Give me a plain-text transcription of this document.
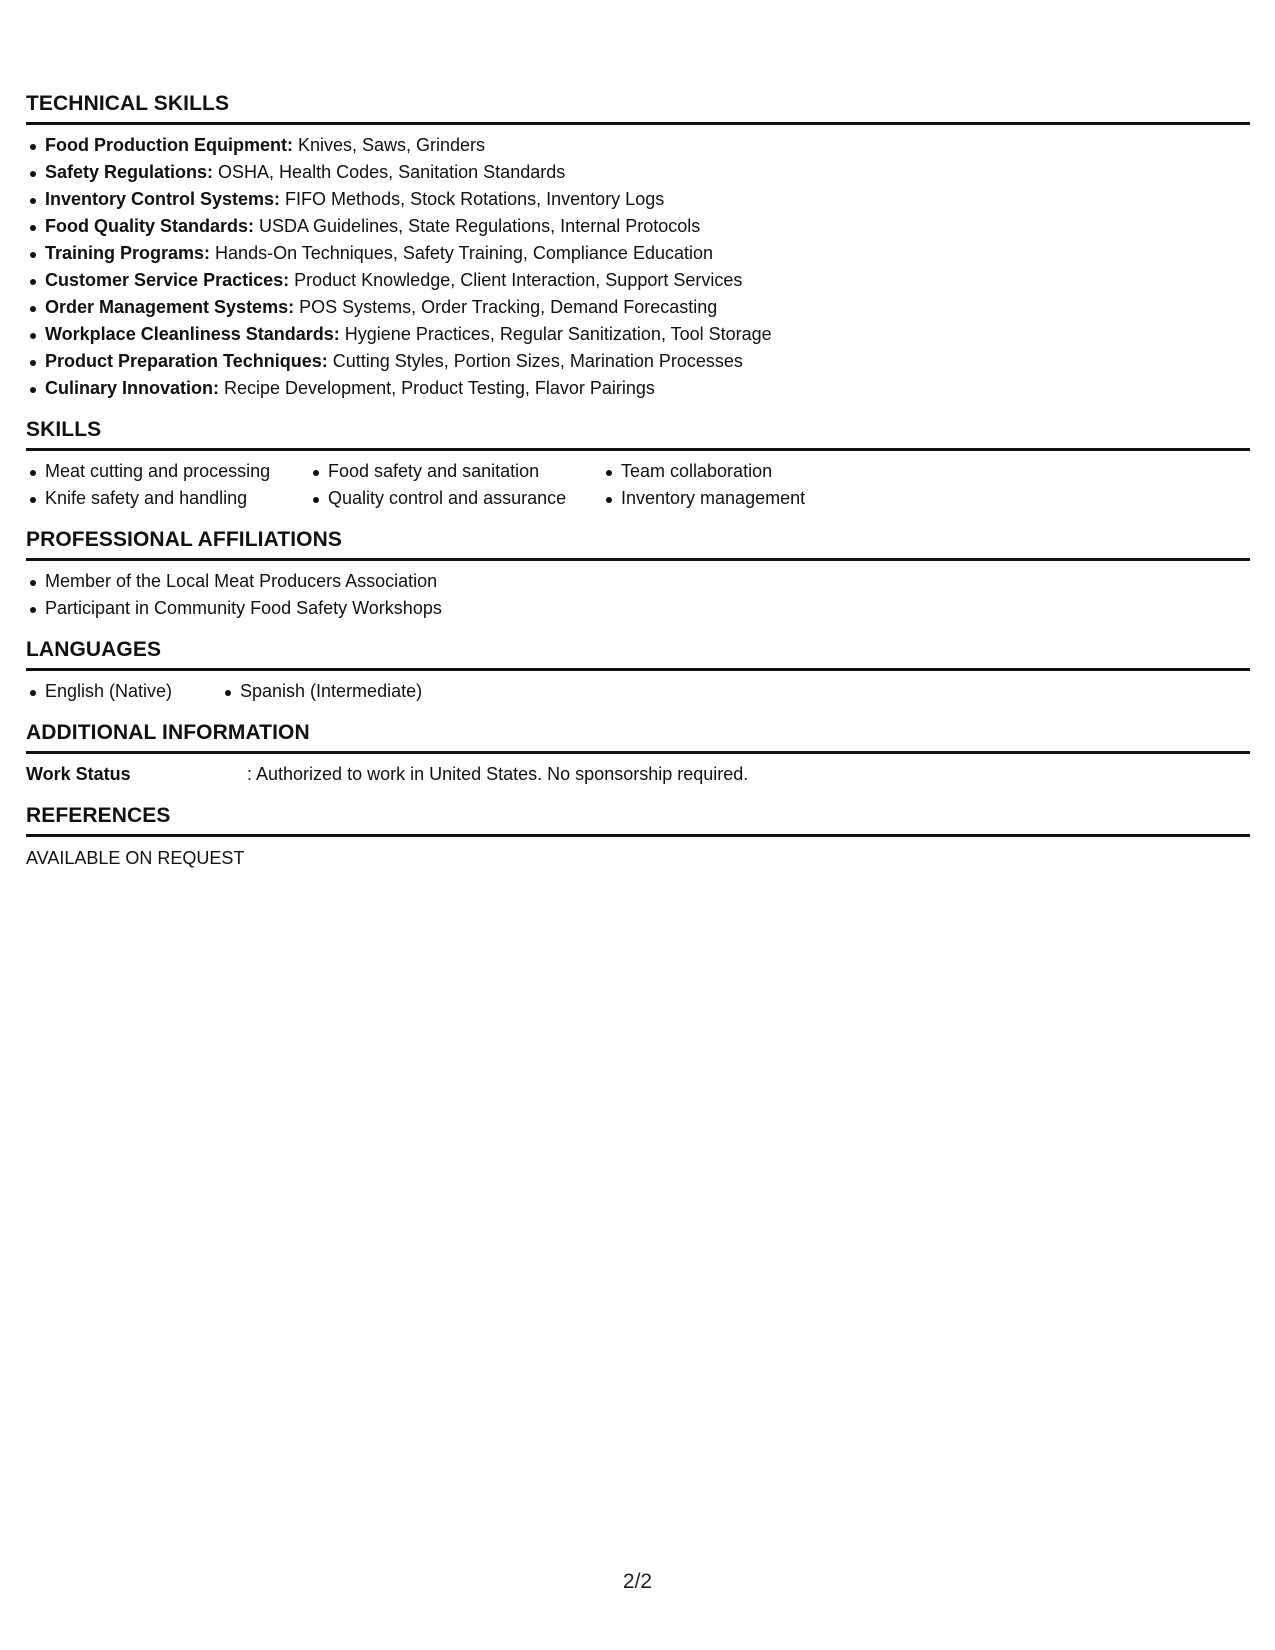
TECHNICAL SKILLS
Food Production Equipment: Knives, Saws, Grinders
Safety Regulations: OSHA, Health Codes, Sanitation Standards
Inventory Control Systems: FIFO Methods, Stock Rotations, Inventory Logs
Food Quality Standards: USDA Guidelines, State Regulations, Internal Protocols
Training Programs: Hands-On Techniques, Safety Training, Compliance Education
Customer Service Practices: Product Knowledge, Client Interaction, Support Services
Order Management Systems: POS Systems, Order Tracking, Demand Forecasting
Workplace Cleanliness Standards: Hygiene Practices, Regular Sanitization, Tool Storage
Product Preparation Techniques: Cutting Styles, Portion Sizes, Marination Processes
Culinary Innovation: Recipe Development, Product Testing, Flavor Pairings
SKILLS
Meat cutting and processing
Knife safety and handling
Food safety and sanitation
Quality control and assurance
Team collaboration
Inventory management
PROFESSIONAL AFFILIATIONS
Member of the Local Meat Producers Association
Participant in Community Food Safety Workshops
LANGUAGES
English (Native)	Spanish (Intermediate)
ADDITIONAL INFORMATION
Work Status	: Authorized to work in United States. No sponsorship required.
REFERENCES
AVAILABLE ON REQUEST
2/2
